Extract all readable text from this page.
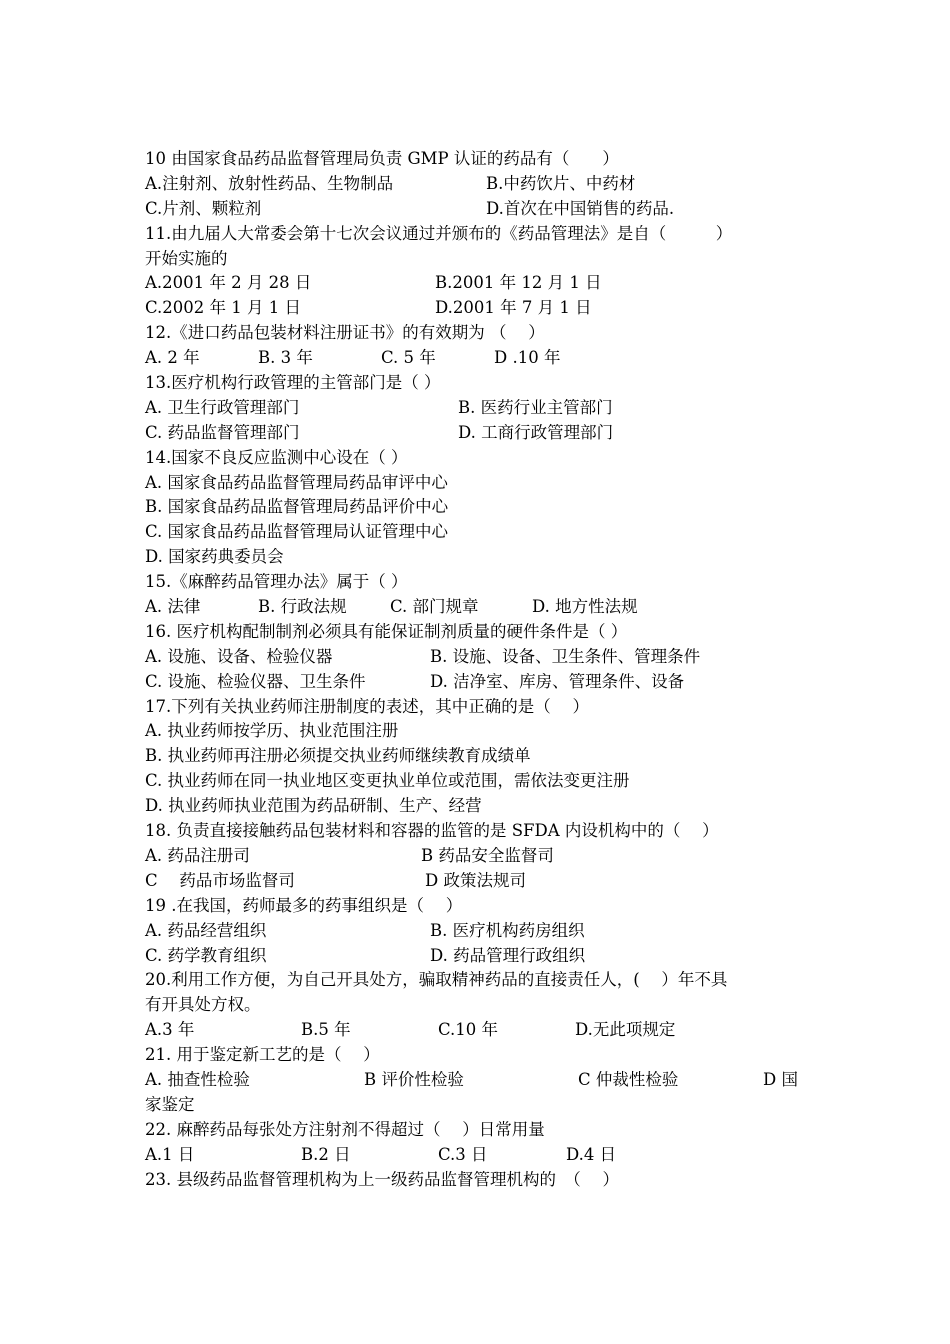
10 由国家食品药品监督管理局负责 GMP 认证的药品有（　　）
A.注射剂、放射性药品、生物制品	B.中药饮片、中药材
C.片剂、颗粒剂	D.首次在中国销售的药品.
11.由九届人大常委会第十七次会议通过并颁布的《药品管理法》是自（　　　）
开始实施的
A.2001 年 2 月 28 日	B.2001 年 12 月 1 日
C.2002 年 1 月 1 日	D.2001 年 7 月 1 日
12.《进口药品包装材料注册证书》的有效期为 （　 ）
A. 2 年	B. 3 年	C. 5 年	D .10 年
13.医疗机构行政管理的主管部门是（ ）
A. 卫生行政管理部门	B. 医药行业主管部门
C. 药品监督管理部门	D. 工商行政管理部门
14.国家不良反应监测中心设在（ ）
A. 国家食品药品监督管理局药品审评中心
B. 国家食品药品监督管理局药品评价中心
C. 国家食品药品监督管理局认证管理中心
D. 国家药典委员会
15.《麻醉药品管理办法》属于（ ）
A. 法律	B. 行政法规	C. 部门规章	D. 地方性法规
16. 医疗机构配制制剂必须具有能保证制剂质量的硬件条件是（ ）
A. 设施、设备、检验仪器	B. 设施、设备、卫生条件、管理条件
C. 设施、检验仪器、卫生条件	D. 洁净室、库房、管理条件、设备
17.下列有关执业药师注册制度的表述，其中正确的是（　 ）
A. 执业药师按学历、执业范围注册
B. 执业药师再注册必须提交执业药师继续教育成绩单
C. 执业药师在同一执业地区变更执业单位或范围，需依法变更注册
D. 执业药师执业范围为药品研制、生产、经营
18. 负责直接接触药品包装材料和容器的监管的是 SFDA 内设机构中的（　 ）
A. 药品注册司	B 药品安全监督司
C　 药品市场监督司	D 政策法规司
19 .在我国，药师最多的药事组织是（　 ）
A. 药品经营组织	B. 医疗机构药房组织
C. 药学教育组织	D. 药品管理行政组织
20.利用工作方便，为自己开具处方，骗取精神药品的直接责任人，(　 ）年不具
有开具处方权。
A.3 年	B.5 年	C.10 年	D.无此项规定
21. 用于鉴定新工艺的是（　 ）
A. 抽查性检验	B 评价性检验	C 仲裁性检验	D 国
家鉴定
22. 麻醉药品每张处方注射剂不得超过（　 ）日常用量
A.1 日	B.2 日	C.3 日	D.4 日
23. 县级药品监督管理机构为上一级药品监督管理机构的　（　 ）
